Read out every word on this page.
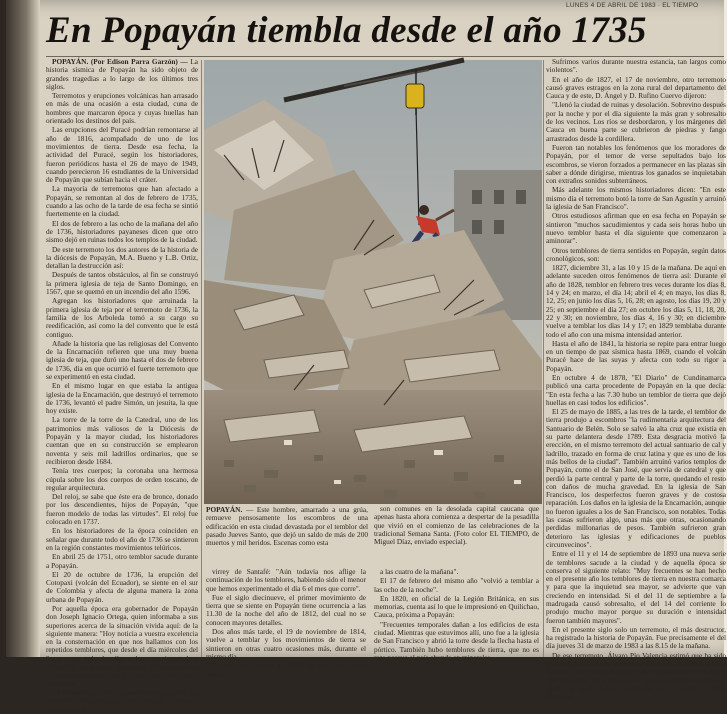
LUNES 4 DE ABRIL DE 1983 · EL TIEMPO
En Popayán tiembla desde el año 1735

POPAYÁN. (Por Edison Parra Garzón) — La historia sísmica de Popayán ha sido objeto de grandes tragedias a lo largo de los últimos tres siglos.

Terremotos y erupciones volcánicas han arrasado en más de una ocasión a esta ciudad, cuna de hombres que marcaron época y cuyas huellas han orientado los destinos del país.

Las erupciones del Puracé podrían remontarse al año de 1816, acompañado de uno de los movimientos de tierra. Desde esa fecha, la actividad del Puracé, según los historiadores, fueron periódicos hasta el 26 de mayo de 1949, cuando perecieron 16 estudiantes de la Universidad de Popayán que subían hacia el cráter.

La mayoría de terremotos que han afectado a Popayán, se remontan al dos de febrero de 1735, cuando a las ocho de la tarde de esa fecha se sintió fuertemente en la ciudad.

El dos de febrero a las ocho de la mañana del año de 1736, historiadores payaneses dicen que otro sismo dejó en ruinas todos los templos de la ciudad.

De este terremoto los dos autores de la historia de la diócesis de Popayán, M.A. Bueno y L.B. Ortiz, detallan la destrucción así:

Después de tantos obstáculos, al fin se construyó la primera iglesia de teja de Santo Domingo, en 1567, que se quemó en un incendio del año 1596.

Agregan los historiadores que arruinada la primera iglesia de teja por el terremoto de 1736, la familia de los Arboleda tomó a su cargo su reedificación, así como la del convento que le está contiguo.

Añade la historia que las religiosas del Convento de la Encarnación refieren que una muy buena iglesia de teja, que duró uno hasta el dos de febrero de 1736, día en que ocurrió el fuerte terremoto que se experimentó en esta ciudad.

En el mismo lugar en que estaba la antigua iglesia de la Encarnación, que destruyó el terremoto de 1736, levantó el padre Simón, un jesuita, la que hoy existe.

La torre de la torre de la Catedral, uno de los patrimonios más valiosos de la Diócesis de Popayán y la mayor ciudad, los historiadores cuentan que en su construcción se emplearon noventa y seis mil ladrillos ordinarios, que se recibieron desde 1684.

Tenía tres cuerpos; la coronaba una hermosa cúpula sobre los dos cuerpos de orden toscano, de regular arquitectura.

Del reloj, se sabe que éste era de bronce, donado por los descendientes, hijos de Popayán, "que fueron modelo de todas las virtudes". El reloj fue colocado en 1737.

En los historiadores de la época coinciden en señalar que durante todo el año de 1736 se sintieron en la región constantes movimientos telúricos.

En abril 25 de 1751, otro temblor sacude durante a Popayán.

El 20 de octubre de 1736, la erupción del Cotopaxi (volcán del Ecuador), se siente en el sur de Colombia y afecta de alguna manera la zona urbana de Popayán.

Por aquella época era gobernador de Popayán don Joseph Ignacio Ortega, quien informaba a sus superiores acerca de la situación vivida aquí: de la siguiente manera: "Hoy noticia a vuestra excelencia en la consternación en que nos hallamos con los repetidos temblores, que desde el día miércoles del 9 que corre, todos los días se han experimentado y el 9 del día de la fecha, fue entre 8 y 9 de la mañana y contamos estos once días más de cinco temblores".

En febrero 6 de 1767, sobre la continuidad de los temblores, el gobernador de Popayán vuelve a insistir ante el

POPAYÁN. — Este hombre, amarrado a una grúa, remueve pensosamente los escombros de una edificación en esta ciudad devastada por el temblor del pasado Jueves Santo, que dejó un saldo de más de 200 muertos y mil heridos. Escenas como esta

son comunes en la desolada capital caucana que apenas hasta ahora comienza a despertar de la pesadilla que vivió en el comienzo de las celebraciones de la tradicional Semana Santa. (Foto color EL TIEMPO, de Miguel Díaz, enviado especial).

virrey de Santafé: "Aún todavía nos aflige la continuación de los temblores, habiendo sido el menor que hemos experimentado el día 6 el mes que corre".

Fue el siglo diecinueve, el primer movimiento de tierra que se siente en Popayán tiene ocurrencia a las 11.30 de la noche del año de 1812, del cual no se conocen mayores detalles.

Dos años más tarde, el 19 de noviembre de 1814, vuelve a temblar y los movimientos de tierra se sintieron en otras cuatro ocasiones más, durante el mismo día.

El cinco de febrero de 1819 "se sintió un fuerte temblor

a las cuatro de la mañana".

El 17 de febrero del mismo año "volvió a temblar a las ocho de la noche".

En 1820, en oficial de la Legión Británica, en sus memorias, cuenta así lo que le impresionó en Quilichao, Cauca, próxima a Popayán:

"Frecuentes temporales dañan a los edificios de esta ciudad. Mientras que estuvimos allí, uno fue a la iglesia de San Francisco y abrió la torre desde la flecha hasta el pórtico. También hubo temblores de tierra, que no es raro porque el país abunda en minerales

Sufrimos varios durante nuestra estancia, tan largos como violentos".

En el año de 1827, el 17 de noviembre, otro terremoto causó graves estragos en la zona rural del departamento del Cauca y de este, D. Ángel y D. Rufino Cuervo dijeron:

"Llenó la ciudad de ruinas y desolación. Sobrevino después por la noche y por el día siguiente la más gran y sobresalto de los vecinos. Los ríos se desbordaron, y los márgenes del Cauca en buena parte se cubrieron de piedras y fango arrastrados desde la cordillera.

Fueron tan notables los fenómenos que los moradores de Popayán, por el temor de verse sepultados bajo los escombros, se vieron forzados a permanecer en las plazas sin saber a dónde dirigirse, mientras los ganados se inquietaban con extraños sonidos subterráneos.

Más adelante los mismos historiadores dicen: "En este mismo día el terremoto botó la torre de San Agustín y arruinó la iglesia de San Francisco".

Otros estudiosos afirman que en esa fecha en Popayán se sintieron "muchos sacudimientos y cada seis horas hubo un nuevo temblor hasta el día siguiente que comenzaron a aminorar".

Otros temblores de tierra sentidos en Popayán, según datos cronológicos, son:

1827, diciembre 31, a las 10 y 15 de la mañana. De aquí en adelante suceden otros fenómenos de tierra así: Durante el año de 1828, temblor en febrero tres veces durante los días 8, 14 y 24; en marzo, el día 14; abril el 4; en mayo, los días 8, 12, 25; en junio los días 5, 16, 28; en agosto, los días 19, 20 y 25; en septiembre el día 27; en octubre los días 5, 11, 18, 20, 22 y 30; en noviembre, los días 4, 16 y 30; en diciembre vuelve a temblar los días 14 y 17; en 1829 temblaba durante todo el año con una misma intensidad anterior.

Hasta el año de 1841, la historia se repite para entrar luego en un tiempo de paz sísmica hasta 1869, cuando el volcán Puracé hace de las suyas y afecta con todo su rigor a Popayán.

En octubre 4 de 1878, "El Diario" de Cundinamarca publicó una carta procedente de Popayán en la que decía: "En esta fecha a las 7.30 hubo un temblor de tierra que dejó huellas en casi todos los edificios".

El 25 de mayo de 1885, a las tres de la tarde, el temblor de tierra produjo a escombros "la rudimentaria arquitectura del Santuario de Belén. Solo se salvó la alta cruz que existía en su parte delantera desde 1789. Esta desgracia motivó la erección, en el mismo terremoto del actual santuario de cal y ladrillo, trazado en forma de cruz latina y que es uno de los más bellos de la ciudad". También arruinó varios templos de Popayán, como el de San José, que servía de catedral y que perdió la parte central y parte de la torre, quedando el resto con daños de mucha gravedad. En la iglesia de San Francisco, los desperfectos fueron graves y de costosa reparación. Los daños en la iglesia de la Encarnación, aunque no fueron iguales a los de San Francisco, son notables. Todas las casas sufrieron algo, unas más que otras, ocasionando perdidas millonarias de pesos. También sufrieron gran deterioro las iglesias y edificaciones de pueblos circunvecinos".

Entre el 11 y el 14 de septiembre de 1893 una nueva serie de temblores sacude a la ciudad y de aquella época se conserva el siguiente relato: "Muy frecuentes se han hecho en el presente año los temblores de tierra en nuestra comarca y para que la inquietud sea mayor, se advierte que van creciendo en intensidad. Si el del 11 de septiembre a la madrugada causó sobresalto, el del 14 del corriente lo produjo mucho mayor porque su duración e intensidad fueron también mayores".

En el presente siglo solo un terremoto, el más destructor, ha registrado la historia de Popayán. Fue precisamente el del día jueves 31 de marzo de 1983 a las 8.15 de la mañana.

De ese terremoto, Álvaro Pío Valencia estimó que ha sido el más fuerte de todos y observó que a los anteriores la Casa Valencia, uno de los museos más importantes de la ciudad, había resistido. Hoy día solo es un promontorio de ruinas al igual que otros lugares históricos de la historia y culta Popayán.
